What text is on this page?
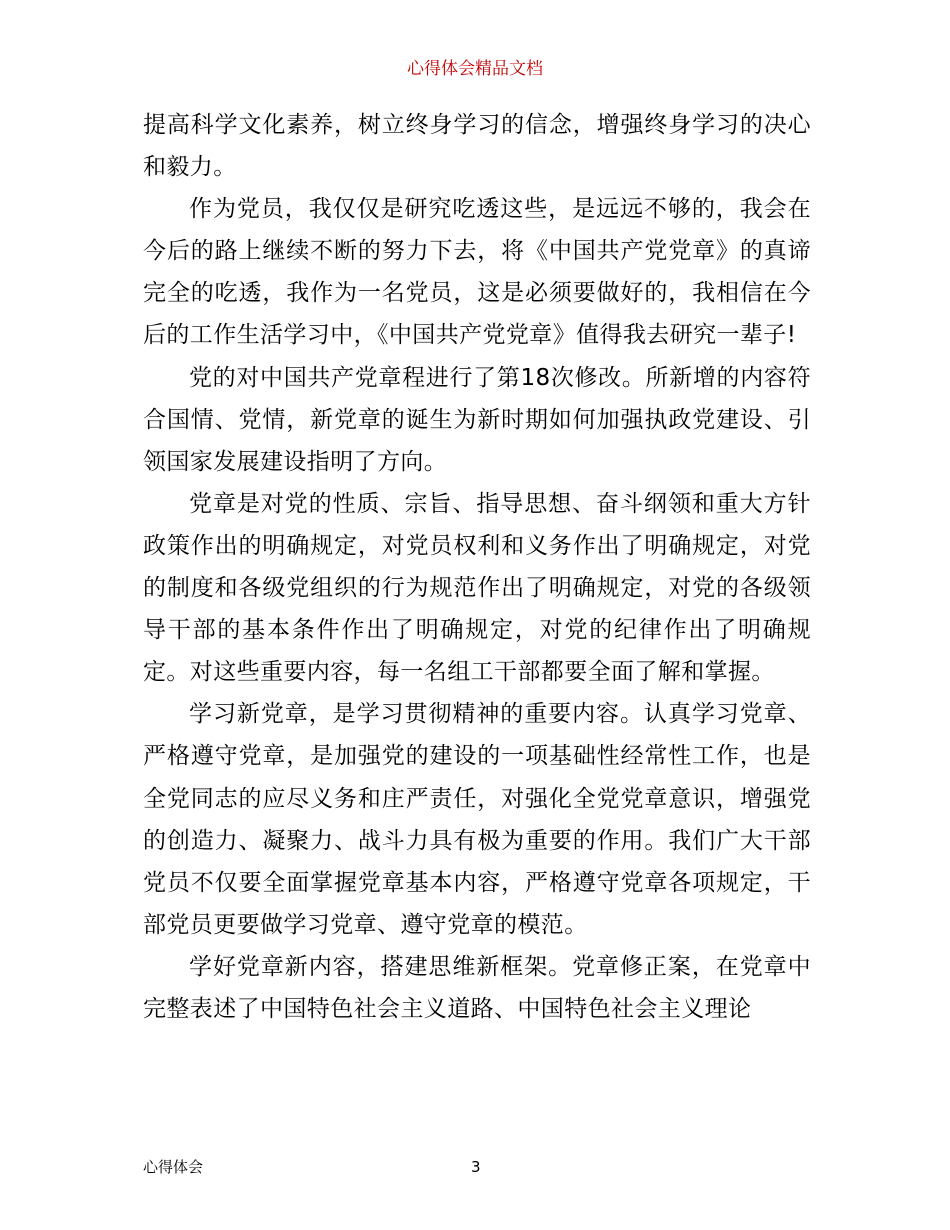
心得体会精品文档

提高科学文化素养，树立终身学习的信念，增强终身学习的决心和毅力。

作为党员，我仅仅是研究吃透这些，是远远不够的，我会在今后的路上继续不断的努力下去，将《中国共产党党章》的真谛完全的吃透，我作为一名党员，这是必须要做好的，我相信在今后的工作生活学习中，《中国共产党党章》值得我去研究一辈子!

党的对中国共产党章程进行了第18次修改。所新增的内容符合国情、党情，新党章的诞生为新时期如何加强执政党建设、引领国家发展建设指明了方向。

党章是对党的性质、宗旨、指导思想、奋斗纲领和重大方针政策作出的明确规定，对党员权利和义务作出了明确规定，对党的制度和各级党组织的行为规范作出了明确规定，对党的各级领导干部的基本条件作出了明确规定，对党的纪律作出了明确规定。对这些重要内容，每一名组工干部都要全面了解和掌握。

学习新党章，是学习贯彻精神的重要内容。认真学习党章、严格遵守党章，是加强党的建设的一项基础性经常性工作，也是全党同志的应尽义务和庄严责任，对强化全党党章意识，增强党的创造力、凝聚力、战斗力具有极为重要的作用。我们广大干部党员不仅要全面掌握党章基本内容，严格遵守党章各项规定，干部党员更要做学习党章、遵守党章的模范。

学好党章新内容，搭建思维新框架。党章修正案，在党章中完整表述了中国特色社会主义道路、中国特色社会主义理论

心得体会	3
